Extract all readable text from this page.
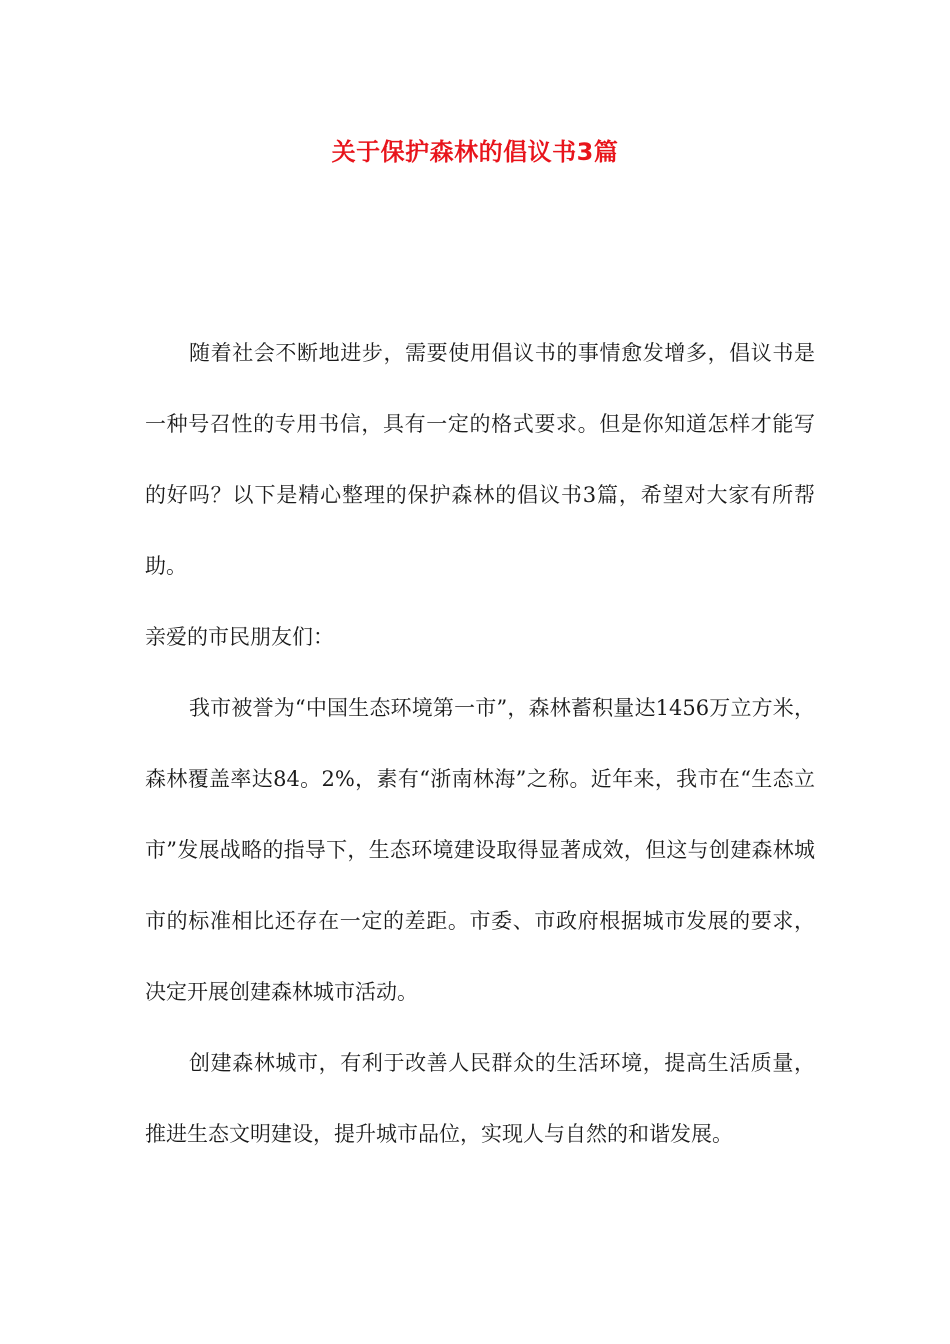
关于保护森林的倡议书3篇

随着社会不断地进步，需要使用倡议书的事情愈发增多，倡议书是一种号召性的专用书信，具有一定的格式要求。但是你知道怎样才能写的好吗？以下是精心整理的保护森林的倡议书3篇，希望对大家有所帮助。

亲爱的市民朋友们：

我市被誉为“中国生态环境第一市”，森林蓄积量达1456万立方米，森林覆盖率达84。2%，素有“浙南林海”之称。近年来，我市在“生态立市”发展战略的指导下，生态环境建设取得显著成效，但这与创建森林城市的标准相比还存在一定的差距。市委、市政府根据城市发展的要求，决定开展创建森林城市活动。

创建森林城市，有利于改善人民群众的生活环境，提高生活质量，推进生态文明建设，提升城市品位，实现人与自然的和谐发展。
